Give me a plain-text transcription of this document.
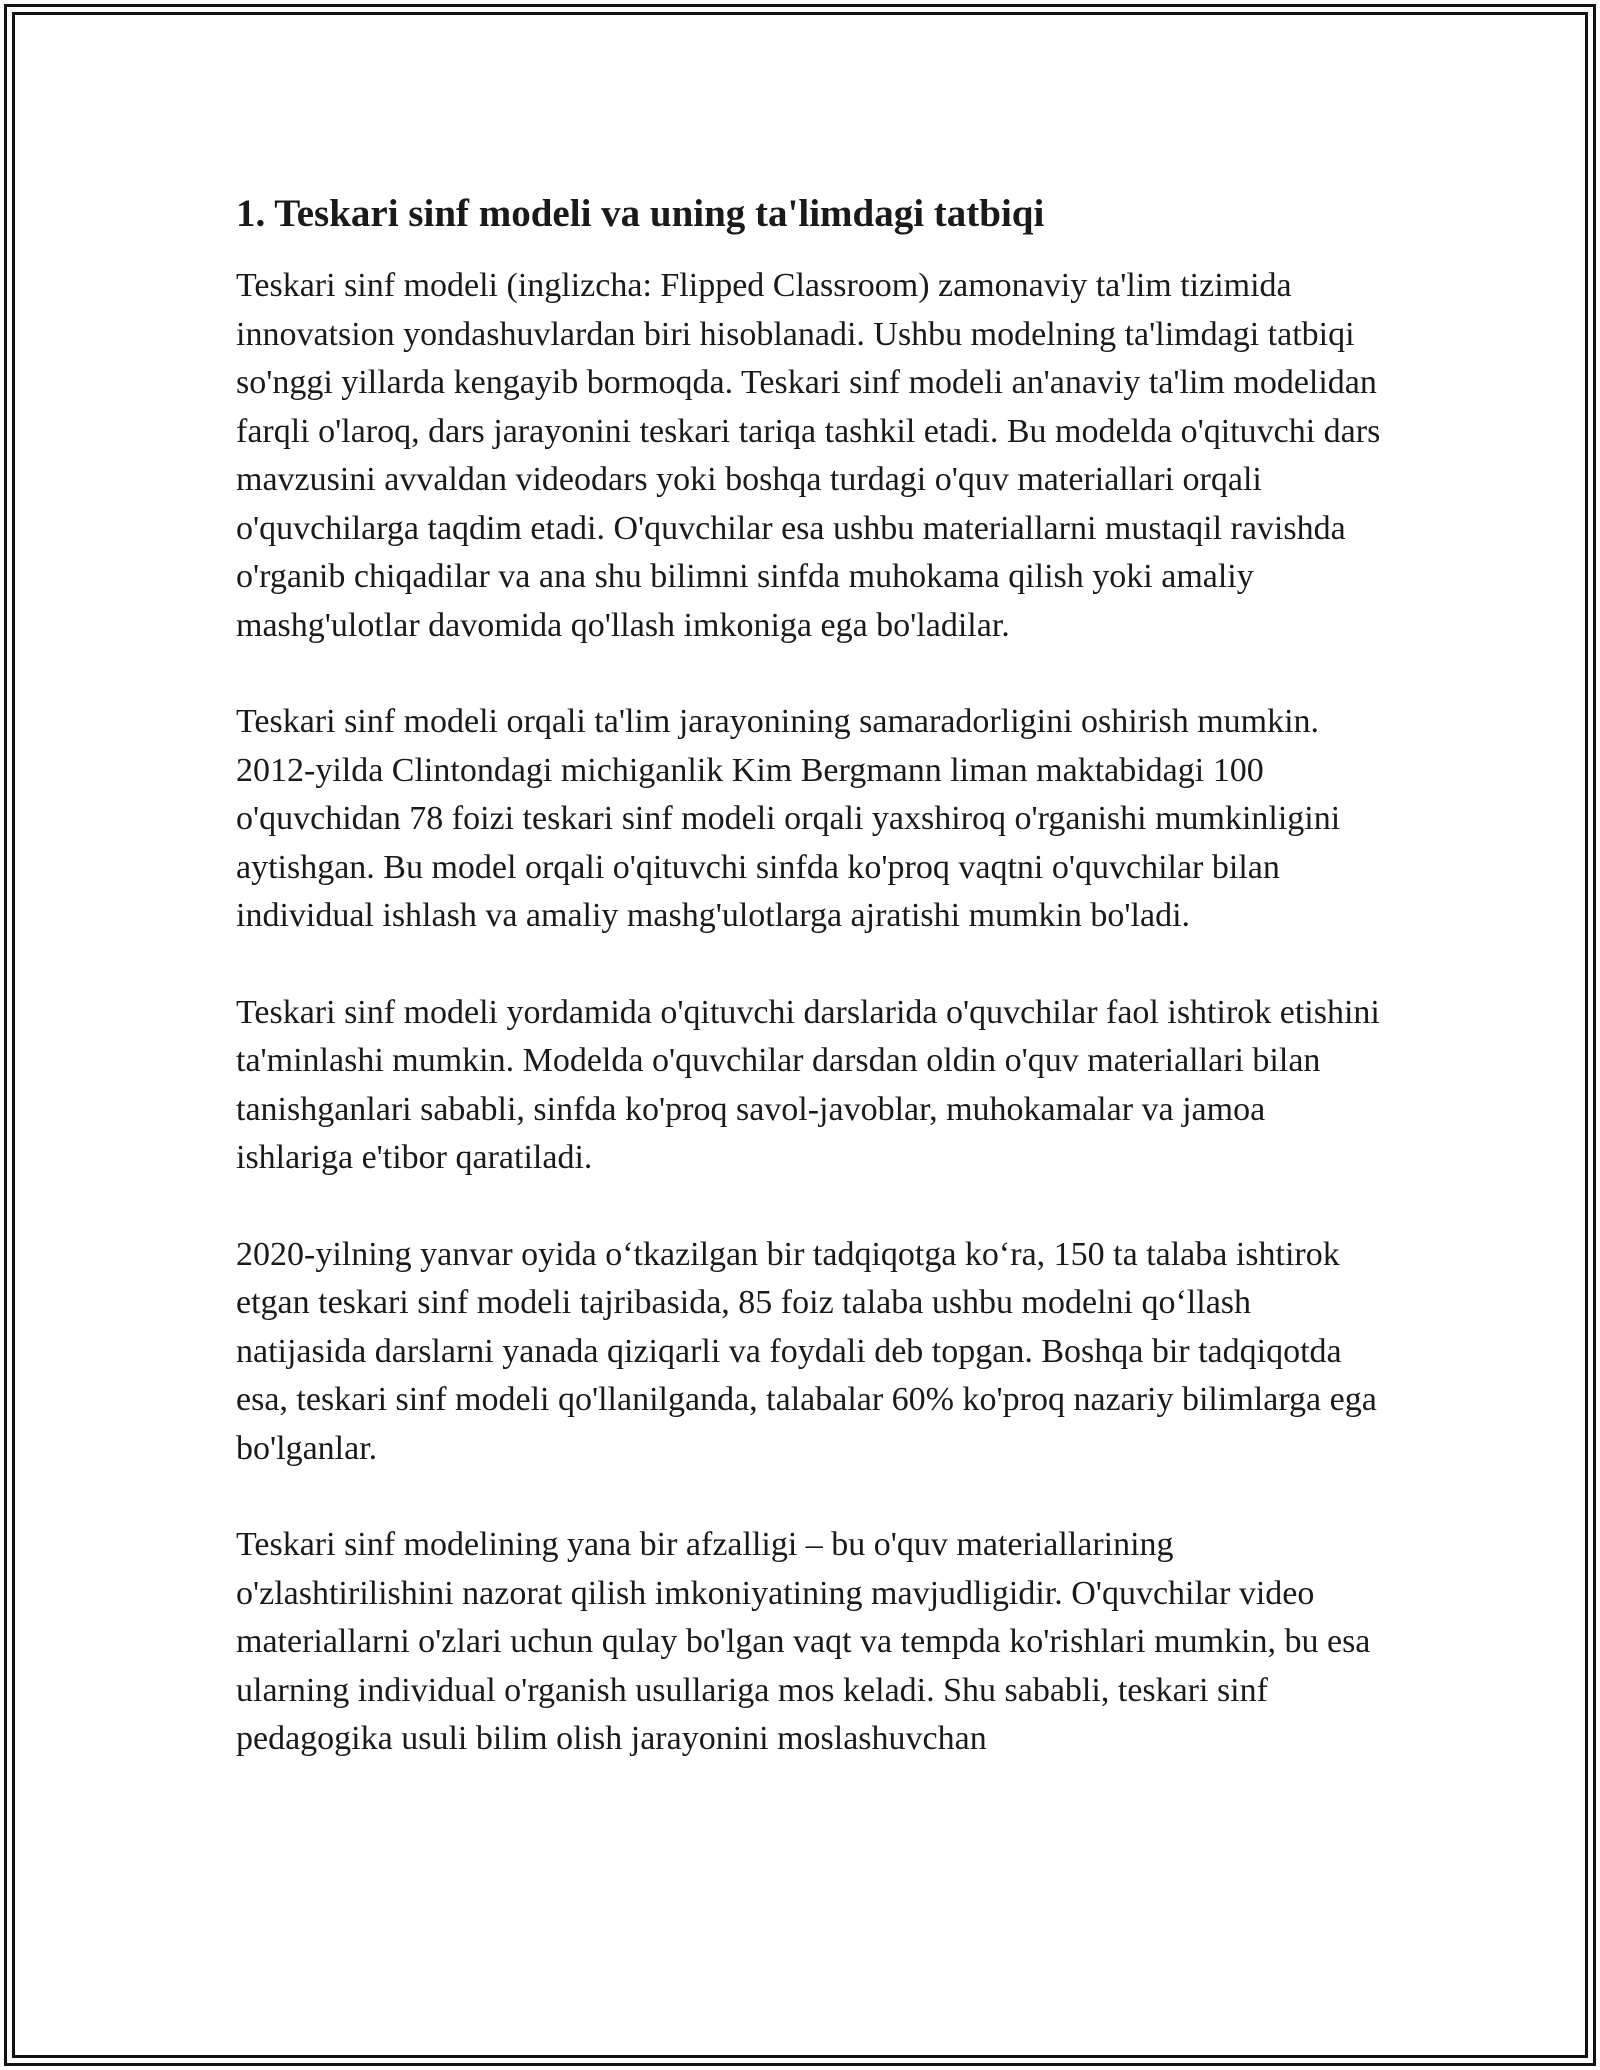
1. Teskari sinf modeli va uning ta'limdagi tatbiqi

Teskari sinf modeli (inglizcha: Flipped Classroom) zamonaviy ta'lim tizimida innovatsion yondashuvlardan biri hisoblanadi. Ushbu modelning ta'limdagi tatbiqi so'nggi yillarda kengayib bormoqda. Teskari sinf modeli an'anaviy ta'lim modelidan farqli o'laroq, dars jarayonini teskari tariqa tashkil etadi. Bu modelda o'qituvchi dars mavzusini avvaldan videodars yoki boshqa turdagi o'quv materiallari orqali o'quvchilarga taqdim etadi. O'quvchilar esa ushbu materiallarni mustaqil ravishda o'rganib chiqadilar va ana shu bilimni sinfda muhokama qilish yoki amaliy mashg'ulotlar davomida qo'llash imkoniga ega bo'ladilar.

Teskari sinf modeli orqali ta'lim jarayonining samaradorligini oshirish mumkin. 2012-yilda Clintondagi michiganlik Kim Bergmann liman maktabidagi 100 o'quvchidan 78 foizi teskari sinf modeli orqali yaxshiroq o'rganishi mumkinligini aytishgan. Bu model orqali o'qituvchi sinfda ko'proq vaqtni o'quvchilar bilan individual ishlash va amaliy mashg'ulotlarga ajratishi mumkin bo'ladi.

Teskari sinf modeli yordamida o'qituvchi darslarida o'quvchilar faol ishtirok etishini ta'minlashi mumkin. Modelda o'quvchilar darsdan oldin o'quv materiallari bilan tanishganlari sababli, sinfda ko'proq savol-javoblar, muhokamalar va jamoa ishlariga e'tibor qaratiladi.

2020-yilning yanvar oyida o‘tkazilgan bir tadqiqotga ko‘ra, 150 ta talaba ishtirok etgan teskari sinf modeli tajribasida, 85 foiz talaba ushbu modelni qo‘llash natijasida darslarni yanada qiziqarli va foydali deb topgan. Boshqa bir tadqiqotda esa, teskari sinf modeli qo'llanilganda, talabalar 60% ko'proq nazariy bilimlarga ega bo'lganlar.

Teskari sinf modelining yana bir afzalligi – bu o'quv materiallarining o'zlashtirilishini nazorat qilish imkoniyatining mavjudligidir. O'quvchilar video materiallarni o'zlari uchun qulay bo'lgan vaqt va tempda ko'rishlari mumkin, bu esa ularning individual o'rganish usullariga mos keladi. Shu sababli, teskari sinf pedagogika usuli bilim olish jarayonini moslashuvchan
